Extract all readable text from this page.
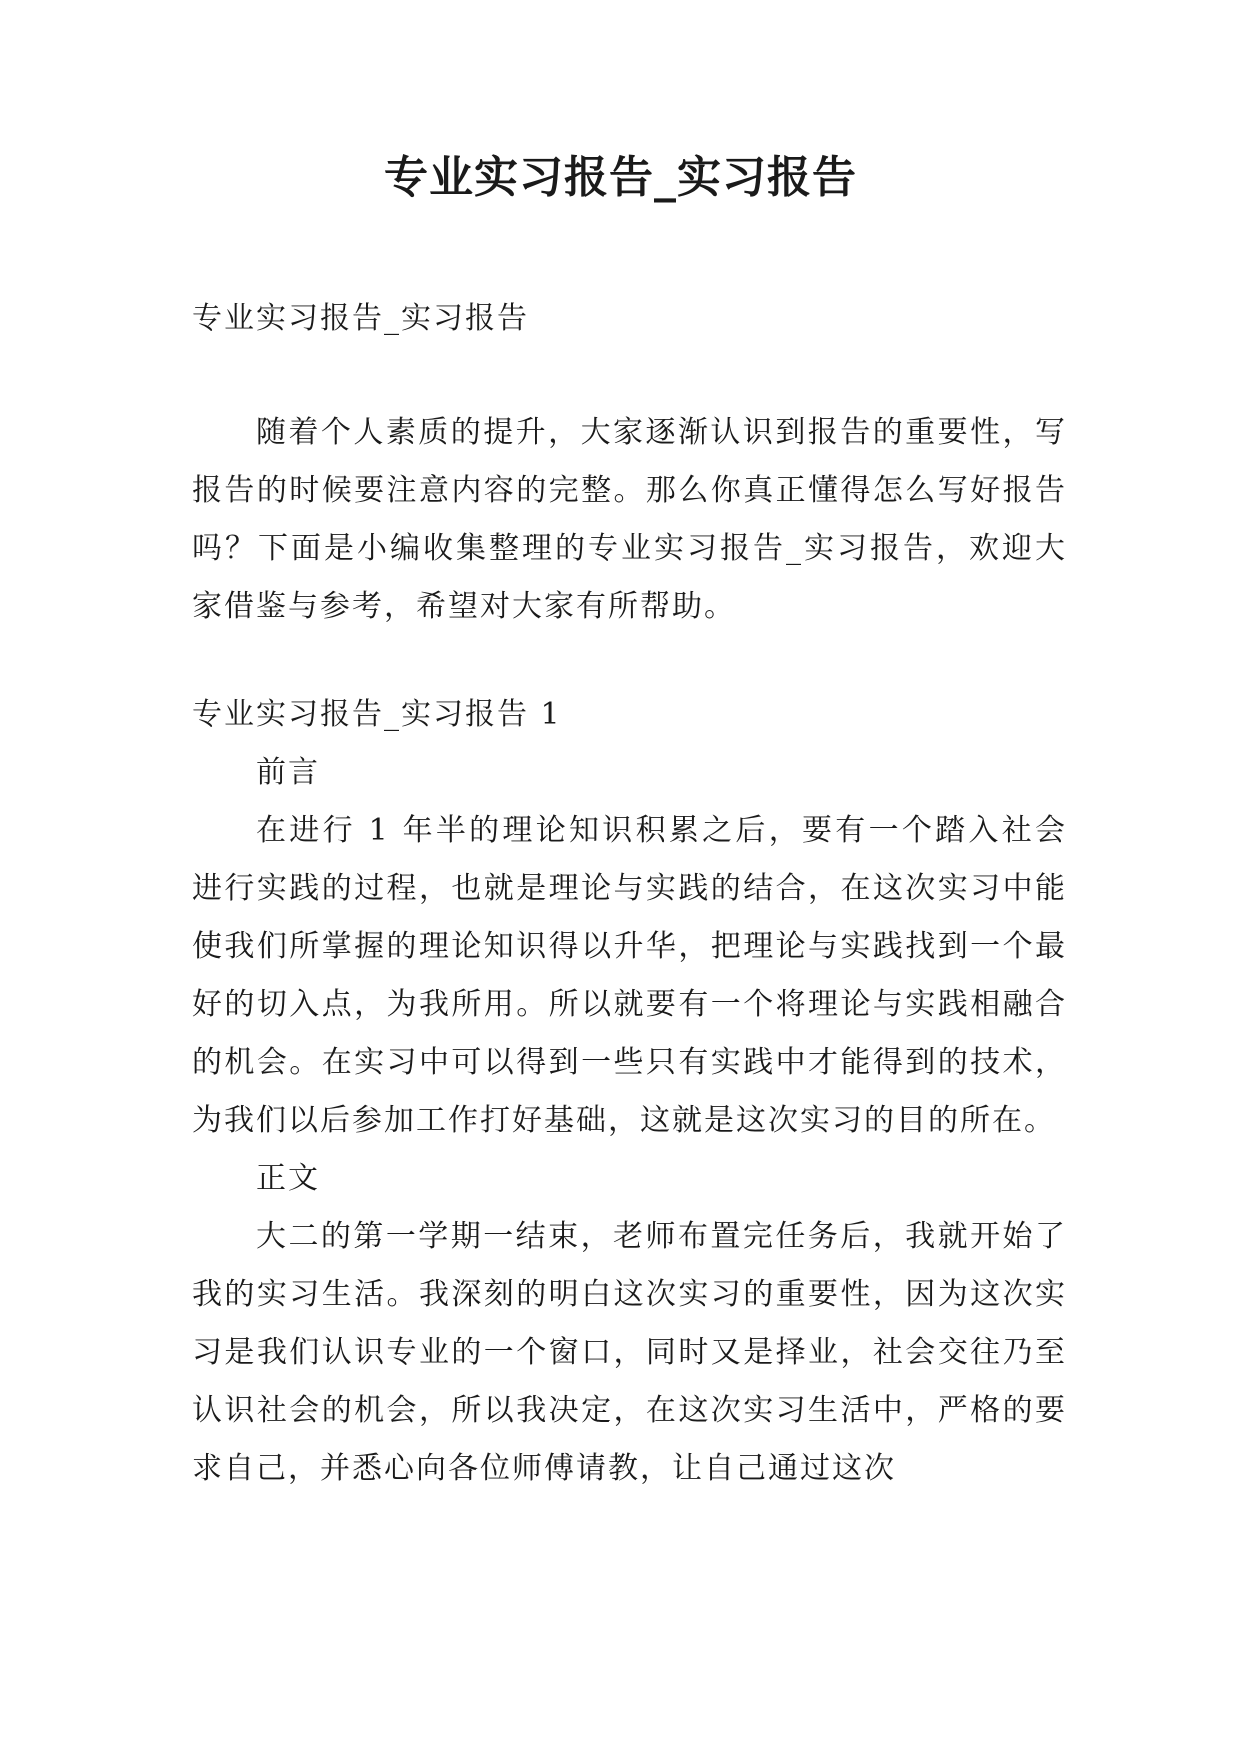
专业实习报告_实习报告

专业实习报告_实习报告

随着个人素质的提升，大家逐渐认识到报告的重要性，写报告的时候要注意内容的完整。那么你真正懂得怎么写好报告吗？下面是小编收集整理的专业实习报告_实习报告，欢迎大家借鉴与参考，希望对大家有所帮助。

专业实习报告_实习报告 1

前言

在进行 1 年半的理论知识积累之后，要有一个踏入社会进行实践的过程，也就是理论与实践的结合，在这次实习中能使我们所掌握的理论知识得以升华，把理论与实践找到一个最好的切入点，为我所用。所以就要有一个将理论与实践相融合的机会。在实习中可以得到一些只有实践中才能得到的技术，为我们以后参加工作打好基础，这就是这次实习的目的所在。

正文

大二的第一学期一结束，老师布置完任务后，我就开始了我的实习生活。我深刻的明白这次实习的重要性，因为这次实习是我们认识专业的一个窗口，同时又是择业，社会交往乃至认识社会的机会，所以我决定，在这次实习生活中，严格的要求自己，并悉心向各位师傅请教，让自己通过这次
